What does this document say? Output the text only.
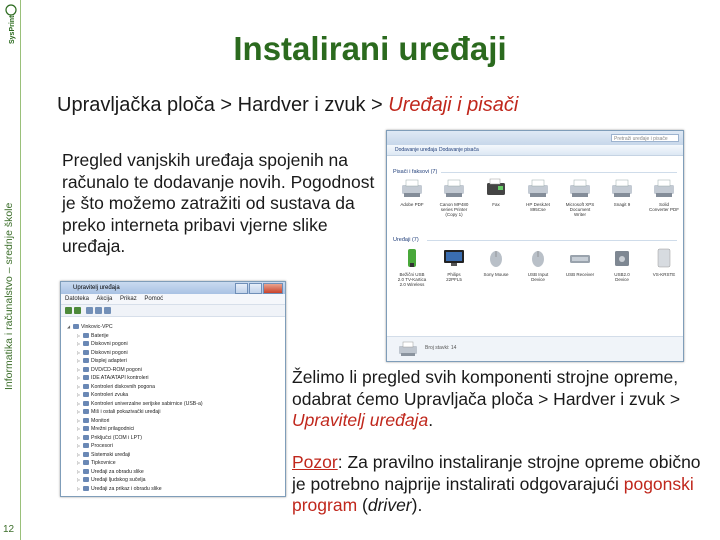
SysPrint
Informatika i računalstvo – srednje škole
12
Instalirani uređaji
Upravljačka ploča > Hardver i zvuk > Uređaji i pisači
Pregled vanjskih uređaja spojenih na računalo te dodavanje novih. Pogodnost je što možemo zatražiti od sustava da preko interneta pribavi vjerne slike uređaja.
Pretraži uređaje i pisače
Dodavanje uređaja Dodavanje pisača
Pisači i faksovi (7)
Adobe PDF	Canon MP480 series Printer (Copy 1)
Fax	HP DeskJet 895Cse
Microsoft XPS Document Writer
Snagit 9	Solid Converter PDF
Uređaji (7)
Bežični USB 2.0 TV-Kartica 2.0 Wireless
Philips 22PFL5
Sony Mouse	USB Input Device
USB Receiver	USB2.0 Device
VS-KRSTE
Broj stavki: 14
Upravitelj uređaja
Datoteka Akcija Prikaz Pomoć
◢ Vinkovic-VPC
▷ Baterije
▷ Diskovni pogoni
▷ Diskovni pogoni
▷ Displej adapteri
▷ DVD/CD-ROM pogoni
▷ IDE ATA/ATAPI kontroleri
▷ Kontroleri diskovnih pogona
▷ Kontroleri zvuka
▷ Kontroleri univerzalne serijske sabirnice (USB-a)
▷ Miš i ostali pokazivački uređaji
▷ Monitori
▷ Mrežni prilagodnici
▷ Priključci (COM i LPT)
▷ Procesori
▷ Sistemski uređaji
▷ Tipkovnice
▷ Uređaji za obradu slike
▷ Uređaji ljudskog sučelja
▷ Uređaji za prikaz i obradu slike
Želimo li pregled svih komponenti strojne opreme, odabrat ćemo Upravljača ploča > Hardver i zvuk > Upravitelj uređaja.
Pozor: Za pravilno instaliranje strojne opreme obično je potrebno najprije instalirati odgovarajući pogonski program (driver).
